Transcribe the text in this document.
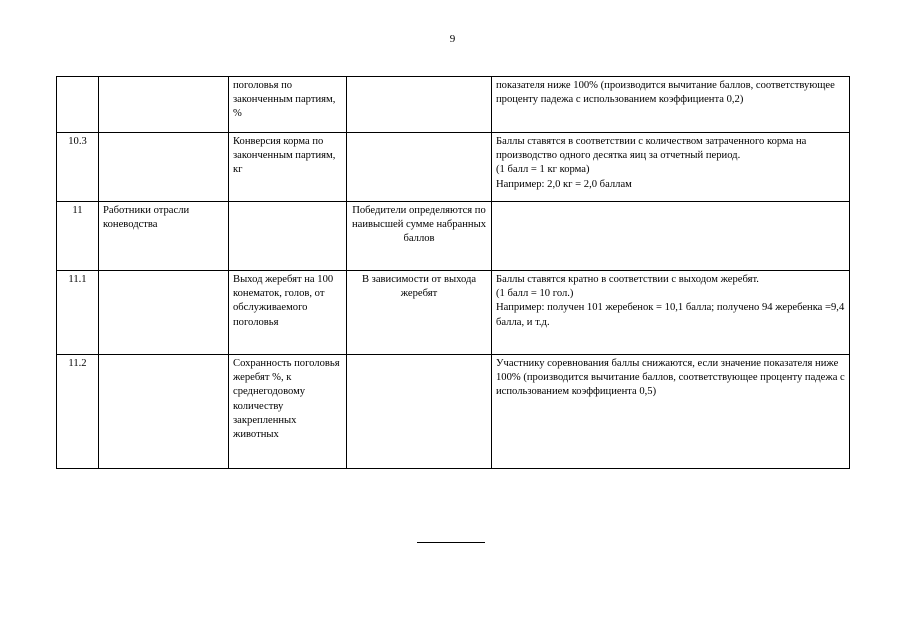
9
		поголовья по законченным партиям, %		показателя ниже 100% (производится вычитание баллов, соответствующее проценту падежа с использованием коэффициента 0,2)

10.3		Конверсия корма по законченным партиям, кг		Баллы ставятся в соответствии с количеством затраченного корма на производство одного десятка яиц за отчетный период.
(1 балл = 1 кг корма)
Например: 2,0 кг = 2,0 баллам

11	Работники отрасли коневодства		Победители определяются по наивысшей сумме набранных баллов	

11.1		Выход жеребят на 100 конематок, голов, от обслуживаемого поголовья	В зависимости от выхода жеребят	Баллы ставятся кратно в соответствии с выходом жеребят.
(1 балл = 10 гол.)
Например: получен 101 жеребенок = 10,1 балла; получено 94 жеребенка =9,4 балла, и т.д.

11.2		Сохранность поголовья жеребят %, к среднегодовому количеству закрепленных животных		Участнику соревнования баллы снижаются, если значение показателя ниже 100% (производится вычитание баллов, соответствующее проценту падежа с использованием коэффициента 0,5)
